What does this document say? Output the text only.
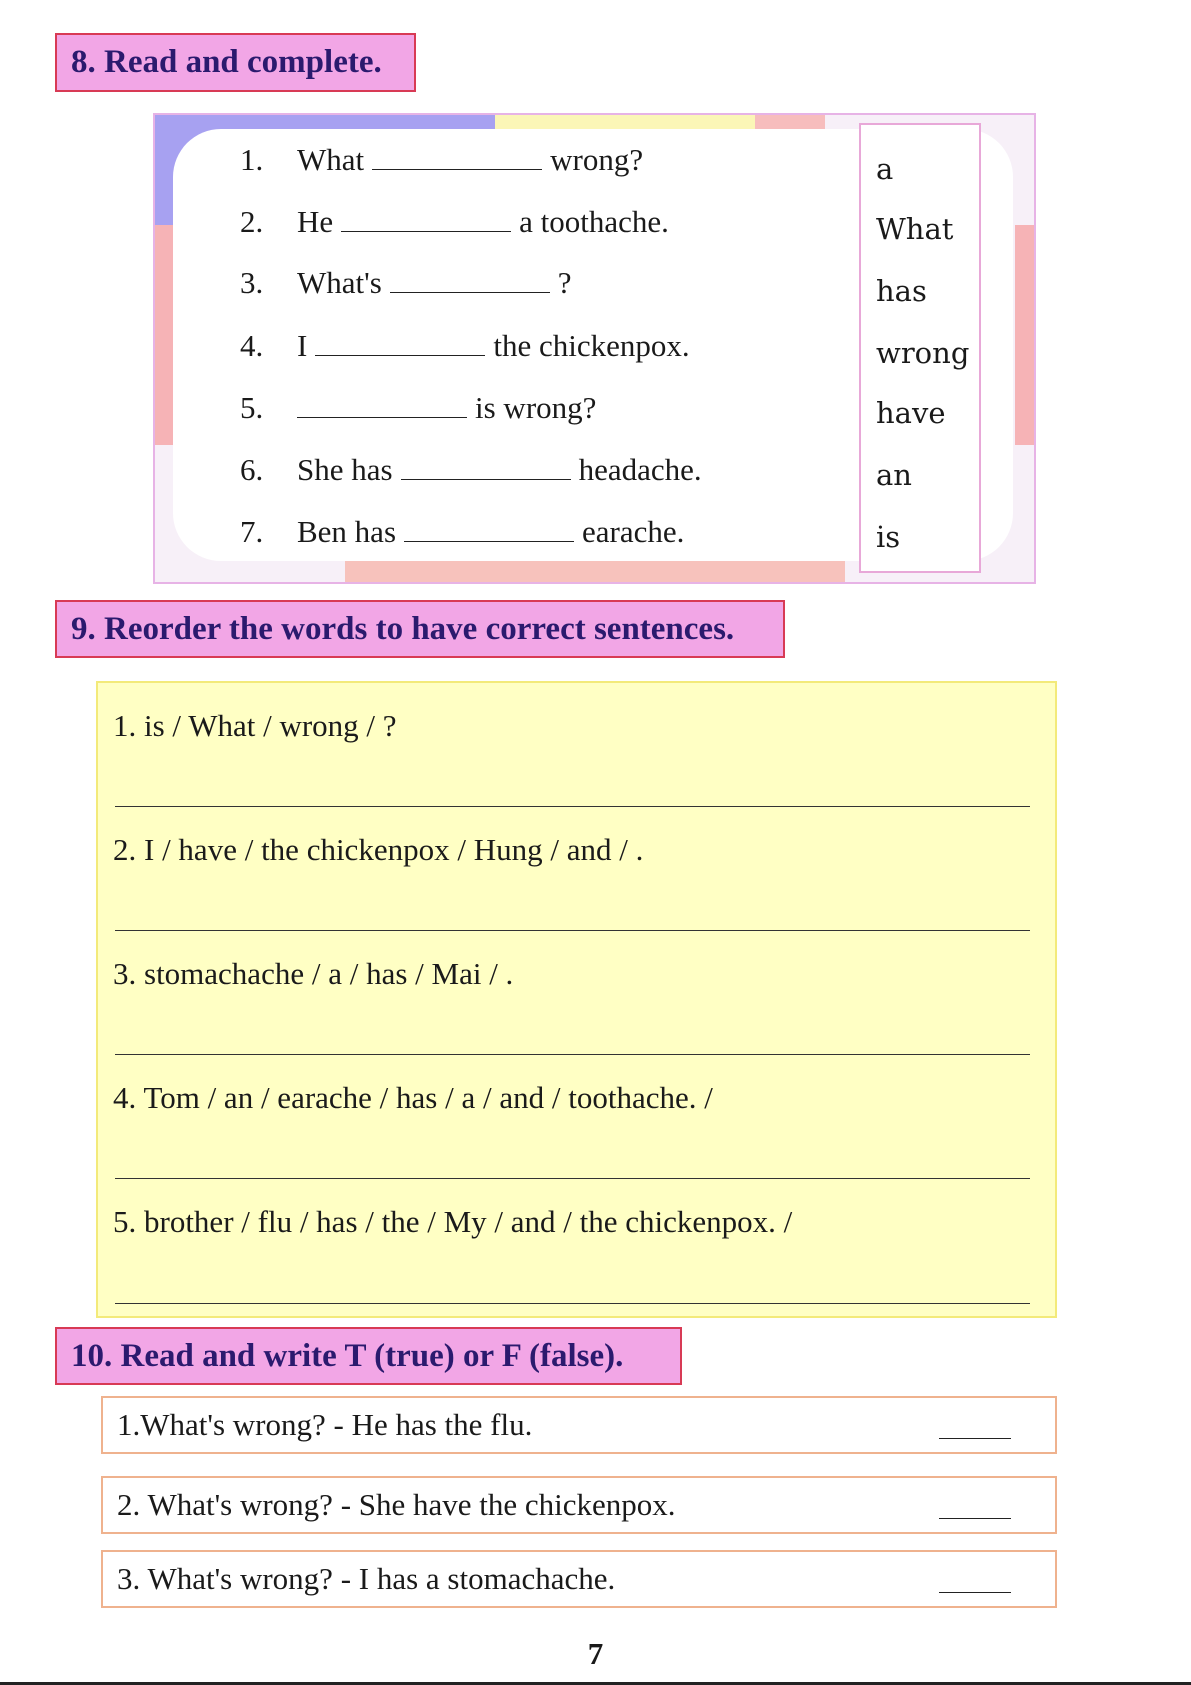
8. Read and complete.
1. What	wrong?
2. He	a toothache.
3. What's	?
4. I	the chickenpox.
5.	is wrong?
6. She has	headache.
7. Ben has	earache.
a
What
has
wrong
have
an
is
9. Reorder the words to have correct sentences.
1. is / What / wrong / ?
2. I / have / the chickenpox / Hung / and / .
3. stomachache / a / has / Mai / .
4. Tom / an / earache / has / a / and / toothache. /
5. brother / flu / has / the / My / and / the chickenpox. /
10. Read and write T (true) or F (false).
1.What's wrong? - He has the flu.
2. What's wrong? - She have the chickenpox.
3. What's wrong? - I has a stomachache.
7
